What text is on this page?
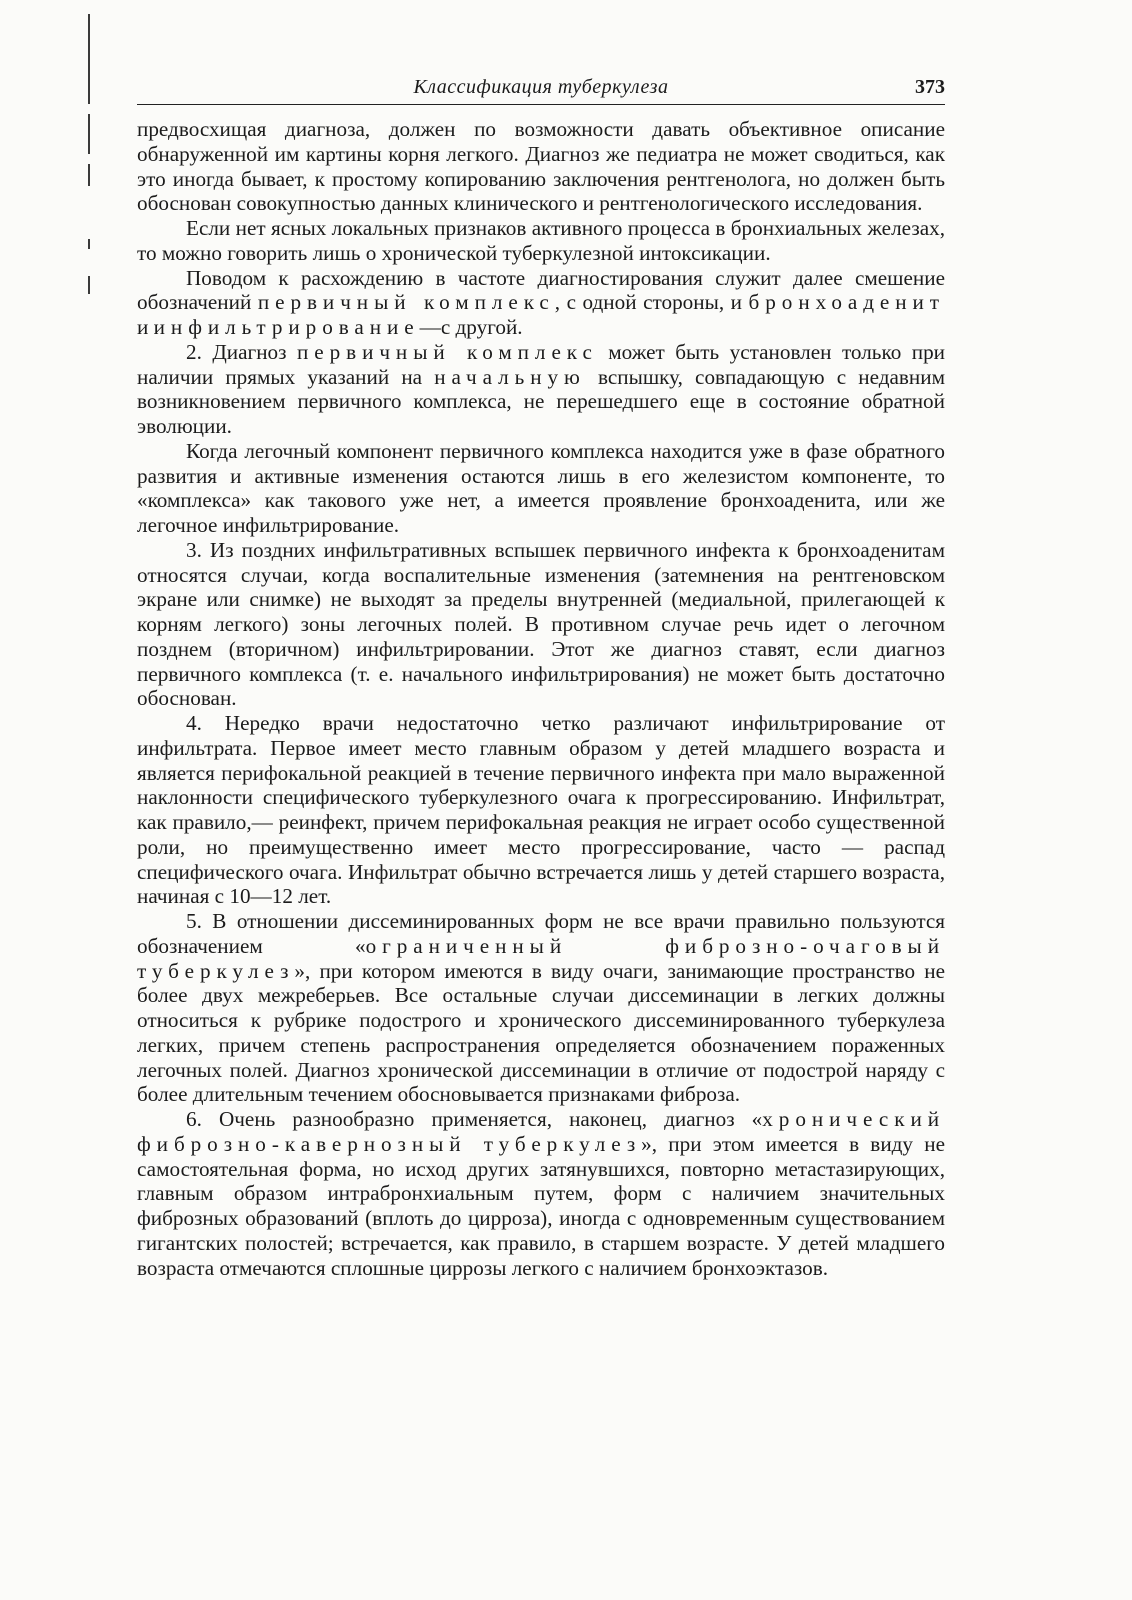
Классификация туберкулеза	373

предвосхищая диагноза, должен по возможности давать объективное описание обнаруженной им картины корня легкого. Диагноз же педиатра не может сводиться, как это иногда бывает, к простому копированию заключения рентгенолога, но должен быть обоснован совокупностью данных клинического и рентгенологического исследования.

Если нет ясных локальных признаков активного процесса в бронхиальных железах, то можно говорить лишь о хронической туберкулезной интоксикации.

Поводом к расхождению в частоте диагностирования служит далее смешение обозначений первичный комплекс, с одной стороны, и бронхоаденит и инфильтрирование—с другой.

2. Диагноз первичный комплекс может быть установлен только при наличии прямых указаний на начальную вспышку, совпадающую с недавним возникновением первичного комплекса, не перешедшего еще в состояние обратной эволюции.

Когда легочный компонент первичного комплекса находится уже в фазе обратного развития и активные изменения остаются лишь в его железистом компоненте, то «комплекса» как такового уже нет, а имеется проявление бронхоаденита, или же легочное инфильтрирование.

3. Из поздних инфильтративных вспышек первичного инфекта к бронхоаденитам относятся случаи, когда воспалительные изменения (затемнения на рентгеновском экране или снимке) не выходят за пределы внутренней (медиальной, прилегающей к корням легкого) зоны легочных полей. В противном случае речь идет о легочном позднем (вторичном) инфильтрировании. Этот же диагноз ставят, если диагноз первичного комплекса (т. е. начального инфильтрирования) не может быть достаточно обоснован.

4. Нередко врачи недостаточно четко различают инфильтрирование от инфильтрата. Первое имеет место главным образом у детей младшего возраста и является перифокальной реакцией в течение первичного инфекта при мало выраженной наклонности специфического туберкулезного очага к прогрессированию. Инфильтрат, как правило,— реинфект, причем перифокальная реакция не играет особо существенной роли, но преимущественно имеет место прогрессирование, часто — распад специфического очага. Инфильтрат обычно встречается лишь у детей старшего возраста, начиная с 10—12 лет.

5. В отношении диссеминированных форм не все врачи правильно пользуются обозначением «ограниченный фиброзно-очаговый туберкулез», при котором имеются в виду очаги, занимающие пространство не более двух межреберьев. Все остальные случаи диссеминации в легких должны относиться к рубрике подострого и хронического диссеминированного туберкулеза легких, причем степень распространения определяется обозначением пораженных легочных полей. Диагноз хронической диссеминации в отличие от подострой наряду с более длительным течением обосновывается признаками фиброза.

6. Очень разнообразно применяется, наконец, диагноз «хронический фиброзно-кавернозный туберкулез», при этом имеется в виду не самостоятельная форма, но исход других затянувшихся, повторно метастазирующих, главным образом интрабронхиальным путем, форм с наличием значительных фиброзных образований (вплоть до цирроза), иногда с одновременным существованием гигантских полостей; встречается, как правило, в старшем возрасте. У детей младшего возраста отмечаются сплошные циррозы легкого с наличием бронхоэктазов.
